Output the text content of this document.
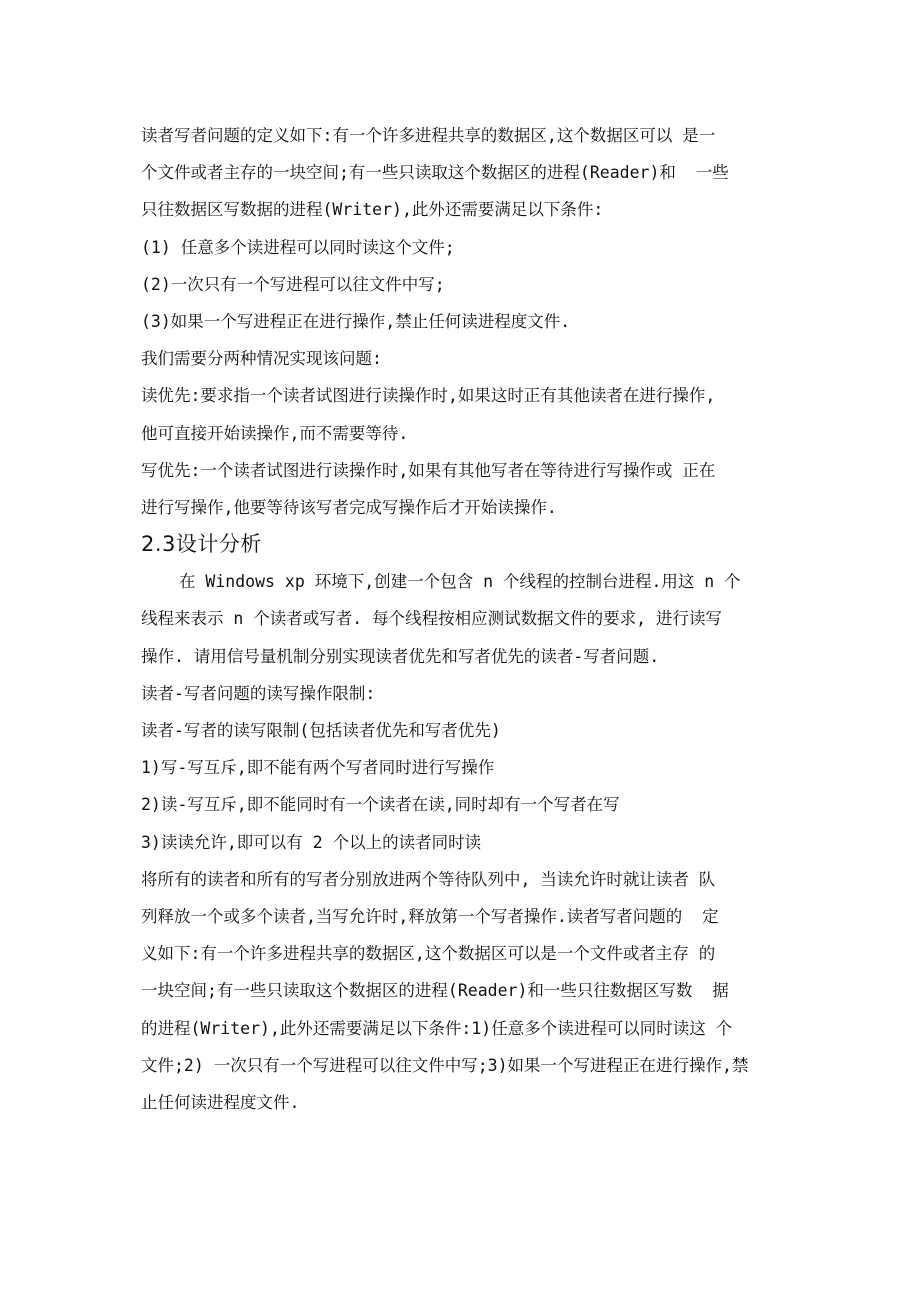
读者写者问题的定义如下:有一个许多进程共享的数据区,这个数据区可以 是一
个文件或者主存的一块空间;有一些只读取这个数据区的进程(Reader)和  一些
只往数据区写数据的进程(Writer),此外还需要满足以下条件:
(1) 任意多个读进程可以同时读这个文件;
(2)一次只有一个写进程可以往文件中写;
(3)如果一个写进程正在进行操作,禁止任何读进程度文件.
我们需要分两种情况实现该问题:
读优先:要求指一个读者试图进行读操作时,如果这时正有其他读者在进行操作,
他可直接开始读操作,而不需要等待.
写优先:一个读者试图进行读操作时,如果有其他写者在等待进行写操作或 正在
进行写操作,他要等待该写者完成写操作后才开始读操作.
2.3设计分析
在 Windows xp 环境下,创建一个包含 n 个线程的控制台进程.用这 n 个
线程来表示 n 个读者或写者. 每个线程按相应测试数据文件的要求, 进行读写
操作. 请用信号量机制分别实现读者优先和写者优先的读者-写者问题.
读者-写者问题的读写操作限制:
读者-写者的读写限制(包括读者优先和写者优先)
1)写-写互斥,即不能有两个写者同时进行写操作
2)读-写互斥,即不能同时有一个读者在读,同时却有一个写者在写
3)读读允许,即可以有 2 个以上的读者同时读
将所有的读者和所有的写者分别放进两个等待队列中, 当读允许时就让读者 队
列释放一个或多个读者,当写允许时,释放第一个写者操作.读者写者问题的  定
义如下:有一个许多进程共享的数据区,这个数据区可以是一个文件或者主存 的
一块空间;有一些只读取这个数据区的进程(Reader)和一些只往数据区写数  据
的进程(Writer),此外还需要满足以下条件:1)任意多个读进程可以同时读这 个
文件;2) 一次只有一个写进程可以往文件中写;3)如果一个写进程正在进行操作,禁
止任何读进程度文件.
